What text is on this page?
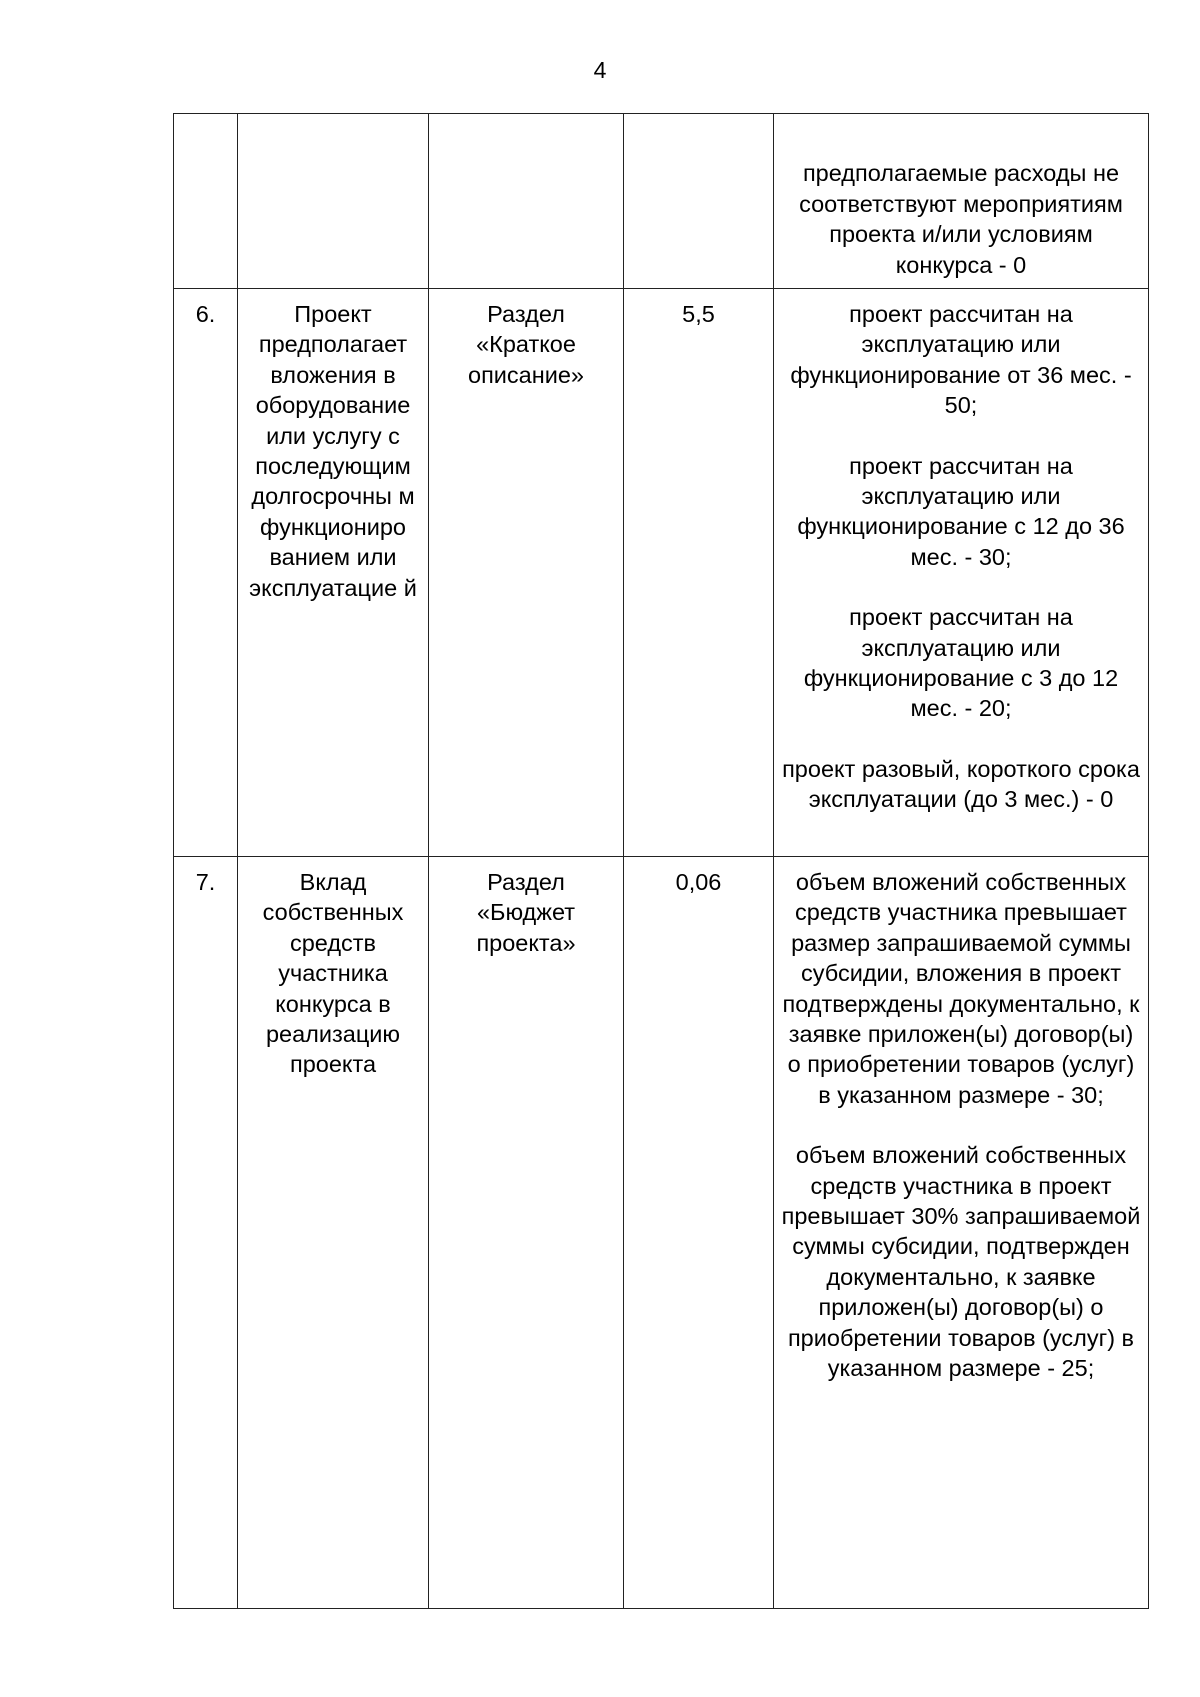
4

				предполагаемые расходы не соответствуют мероприятиям проекта и/или условиям конкурса - 0

6.	Проект предполагает вложения в оборудование или услугу с последующим долгосрочны м функциониро ванием или эксплуатацие й	Раздел «Краткое описание»	5,5	проект рассчитан на эксплуатацию или функционирование от 36 мес. - 50;
проект рассчитан на эксплуатацию или функционирование с 12 до 36 мес. - 30;
проект рассчитан на эксплуатацию или функционирование с 3 до 12 мес. - 20;
проект разовый, короткого срока эксплуатации (до 3 мес.) - 0

7.	Вклад собственных средств участника конкурса в реализацию проекта	Раздел «Бюджет проекта»	0,06	объем вложений собственных средств участника превышает размер запрашиваемой суммы субсидии, вложения в проект подтверждены документально, к заявке приложен(ы) договор(ы) о приобретении товаров (услуг) в указанном размере - 30;
объем вложений собственных средств участника в проект превышает 30% запрашиваемой суммы субсидии, подтвержден документально, к заявке приложен(ы) договор(ы) о приобретении товаров (услуг) в указанном размере - 25;
